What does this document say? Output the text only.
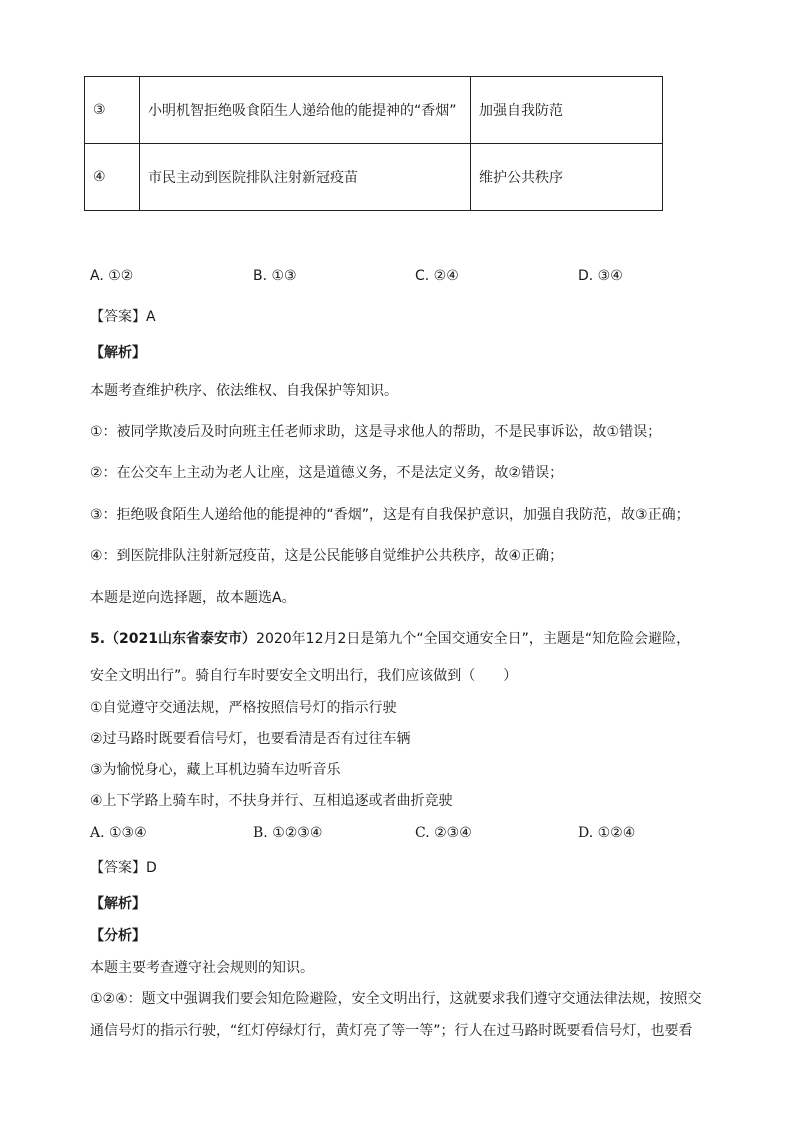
③	小明机智拒绝吸食陌生人递给他的能提神的“香烟”	加强自我防范
④	市民主动到医院排队注射新冠疫苗	维护公共秩序
A. ①②	B. ①③	C. ②④	D. ③④
【答案】A
【解析】
本题考查维护秩序、依法维权、自我保护等知识。
①：被同学欺凌后及时向班主任老师求助，这是寻求他人的帮助，不是民事诉讼，故①错误；
②：在公交车上主动为老人让座，这是道德义务，不是法定义务，故②错误；
③：拒绝吸食陌生人递给他的能提神的“香烟”，这是有自我保护意识，加强自我防范，故③正确；
④：到医院排队注射新冠疫苗，这是公民能够自觉维护公共秩序，故④正确；
本题是逆向选择题，故本题选A。
5.（2021山东省泰安市）2020年12月2日是第九个“全国交通安全日”，主题是“知危险会避险，
安全文明出行”。骑自行车时要安全文明出行，我们应该做到（　　）
①自觉遵守交通法规，严格按照信号灯的指示行驶
②过马路时既要看信号灯，也要看清是否有过往车辆
③为愉悦身心，藏上耳机边骑车边听音乐
④上下学路上骑车时，不扶身并行、互相追逐或者曲折竞驶
A. ①③④	B. ①②③④	C. ②③④	D. ①②④
【答案】D
【解析】
【分析】
本题主要考查遵守社会规则的知识。
①②④：题文中强调我们要会知危险避险，安全文明出行，这就要求我们遵守交通法律法规，按照交
通信号灯的指示行驶，“红灯停绿灯行，黄灯亮了等一等”；行人在过马路时既要看信号灯，也要看
